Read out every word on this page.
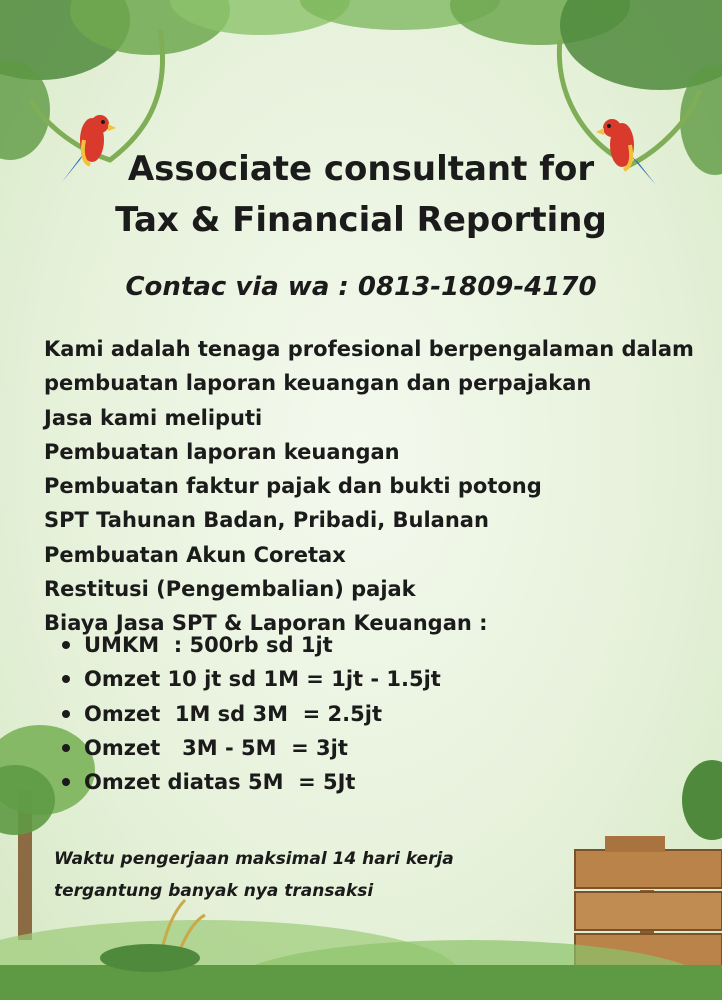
Associate consultant for
Tax & Financial Reporting
Contac via wa : 0813-1809-4170
Kami adalah tenaga profesional berpengalaman dalam
pembuatan laporan keuangan dan perpajakan
Jasa kami meliputi
Pembuatan laporan keuangan
Pembuatan faktur pajak dan bukti potong
SPT Tahunan Badan, Pribadi, Bulanan
Pembuatan Akun Coretax
Restitusi (Pengembalian) pajak
Biaya Jasa SPT & Laporan Keuangan :
UMKM  : 500rb sd 1jt
Omzet 10 jt sd 1M = 1jt - 1.5jt
Omzet  1M sd 3M  = 2.5jt
Omzet   3M - 5M  = 3jt
Omzet diatas 5M  = 5Jt
Waktu pengerjaan maksimal 14 hari kerja
tergantung banyak nya transaksi
